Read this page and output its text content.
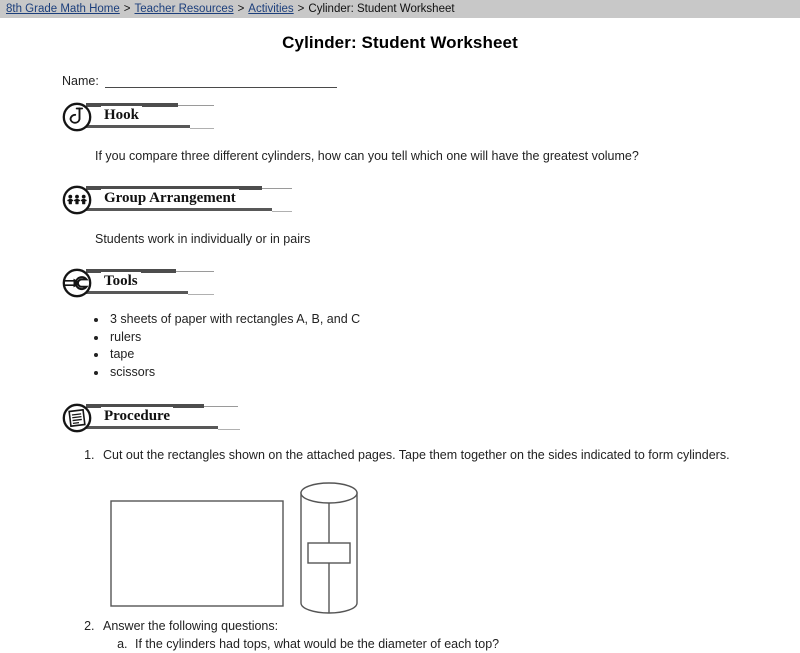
8th Grade Math Home > Teacher Resources > Activities > Cylinder: Student Worksheet
Cylinder: Student Worksheet
Name:
Hook
If you compare three different cylinders, how can you tell which one will have the greatest volume?
Group Arrangement
Students work in individually or in pairs
Tools
• 3 sheets of paper with rectangles A, B, and C
• rulers
• tape
• scissors
Procedure
1. Cut out the rectangles shown on the attached pages. Tape them together on the sides indicated to form cylinders.
2. Answer the following questions:
a. If the cylinders had tops, what would be the diameter of each top?
